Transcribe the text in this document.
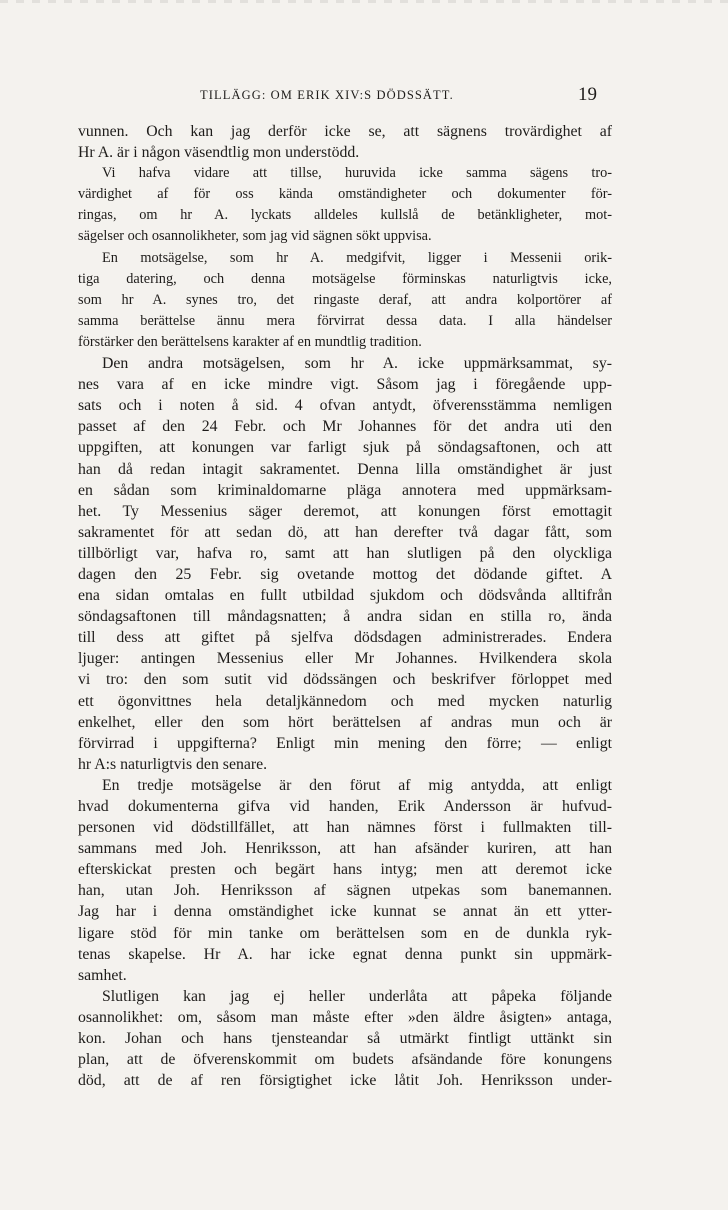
TILLÄGG: OM ERIK XIV:S DÖDSSÄTT.	19
vunnen. Och kan jag derför icke se, att sägnens trovärdighet af
Hr A. är i någon väsendtlig mon understödd.
Vi hafva vidare att tillse, huruvida icke samma sägens tro-
värdighet af för oss kända omständigheter och dokumenter för-
ringas, om hr A. lyckats alldeles kullslå de betänkligheter, mot-
sägelser och osannolikheter, som jag vid sägnen sökt uppvisa.
En motsägelse, som hr A. medgifvit, ligger i Messenii orik-
tiga datering, och denna motsägelse förminskas naturligtvis icke,
som hr A. synes tro, det ringaste deraf, att andra kolportörer af
samma berättelse ännu mera förvirrat dessa data. I alla händelser
förstärker den berättelsens karakter af en mundtlig tradition.
Den andra motsägelsen, som hr A. icke uppmärksammat, sy-
nes vara af en icke mindre vigt. Såsom jag i föregående upp-
sats och i noten å sid. 4 ofvan antydt, öfverensstämma nemligen
passet af den 24 Febr. och Mr Johannes för det andra uti den
uppgiften, att konungen var farligt sjuk på söndagsaftonen, och att
han då redan intagit sakramentet. Denna lilla omständighet är just
en sådan som kriminaldomarne pläga annotera med uppmärksam-
het. Ty Messenius säger deremot, att konungen först emottagit
sakramentet för att sedan dö, att han derefter två dagar fått, som
tillbörligt var, hafva ro, samt att han slutligen på den olyckliga
dagen den 25 Febr. sig ovetande mottog det dödande giftet. A
ena sidan omtalas en fullt utbildad sjukdom och dödsvånda alltifrån
söndagsaftonen till måndagsnatten; å andra sidan en stilla ro, ända
till dess att giftet på sjelfva dödsdagen administrerades. Endera
ljuger: antingen Messenius eller Mr Johannes. Hvilkendera skola
vi tro: den som sutit vid dödssängen och beskrifver förloppet med
ett ögonvittnes hela detaljkännedom och med mycken naturlig
enkelhet, eller den som hört berättelsen af andras mun och är
förvirrad i uppgifterna? Enligt min mening den förre; — enligt
hr A:s naturligtvis den senare.
En tredje motsägelse är den förut af mig antydda, att enligt
hvad dokumenterna gifva vid handen, Erik Andersson är hufvud-
personen vid dödstillfället, att han nämnes först i fullmakten till-
sammans med Joh. Henriksson, att han afsänder kuriren, att han
efterskickat presten och begärt hans intyg; men att deremot icke
han, utan Joh. Henriksson af sägnen utpekas som banemannen.
Jag har i denna omständighet icke kunnat se annat än ett ytter-
ligare stöd för min tanke om berättelsen som en de dunkla ryk-
tenas skapelse. Hr A. har icke egnat denna punkt sin uppmärk-
samhet.
Slutligen kan jag ej heller underlåta att påpeka följande
osannolikhet: om, såsom man måste efter »den äldre åsigten» antaga,
kon. Johan och hans tjensteandar så utmärkt fintligt uttänkt sin
plan, att de öfverenskommit om budets afsändande före konungens
död, att de af ren försigtighet icke låtit Joh. Henriksson under-
